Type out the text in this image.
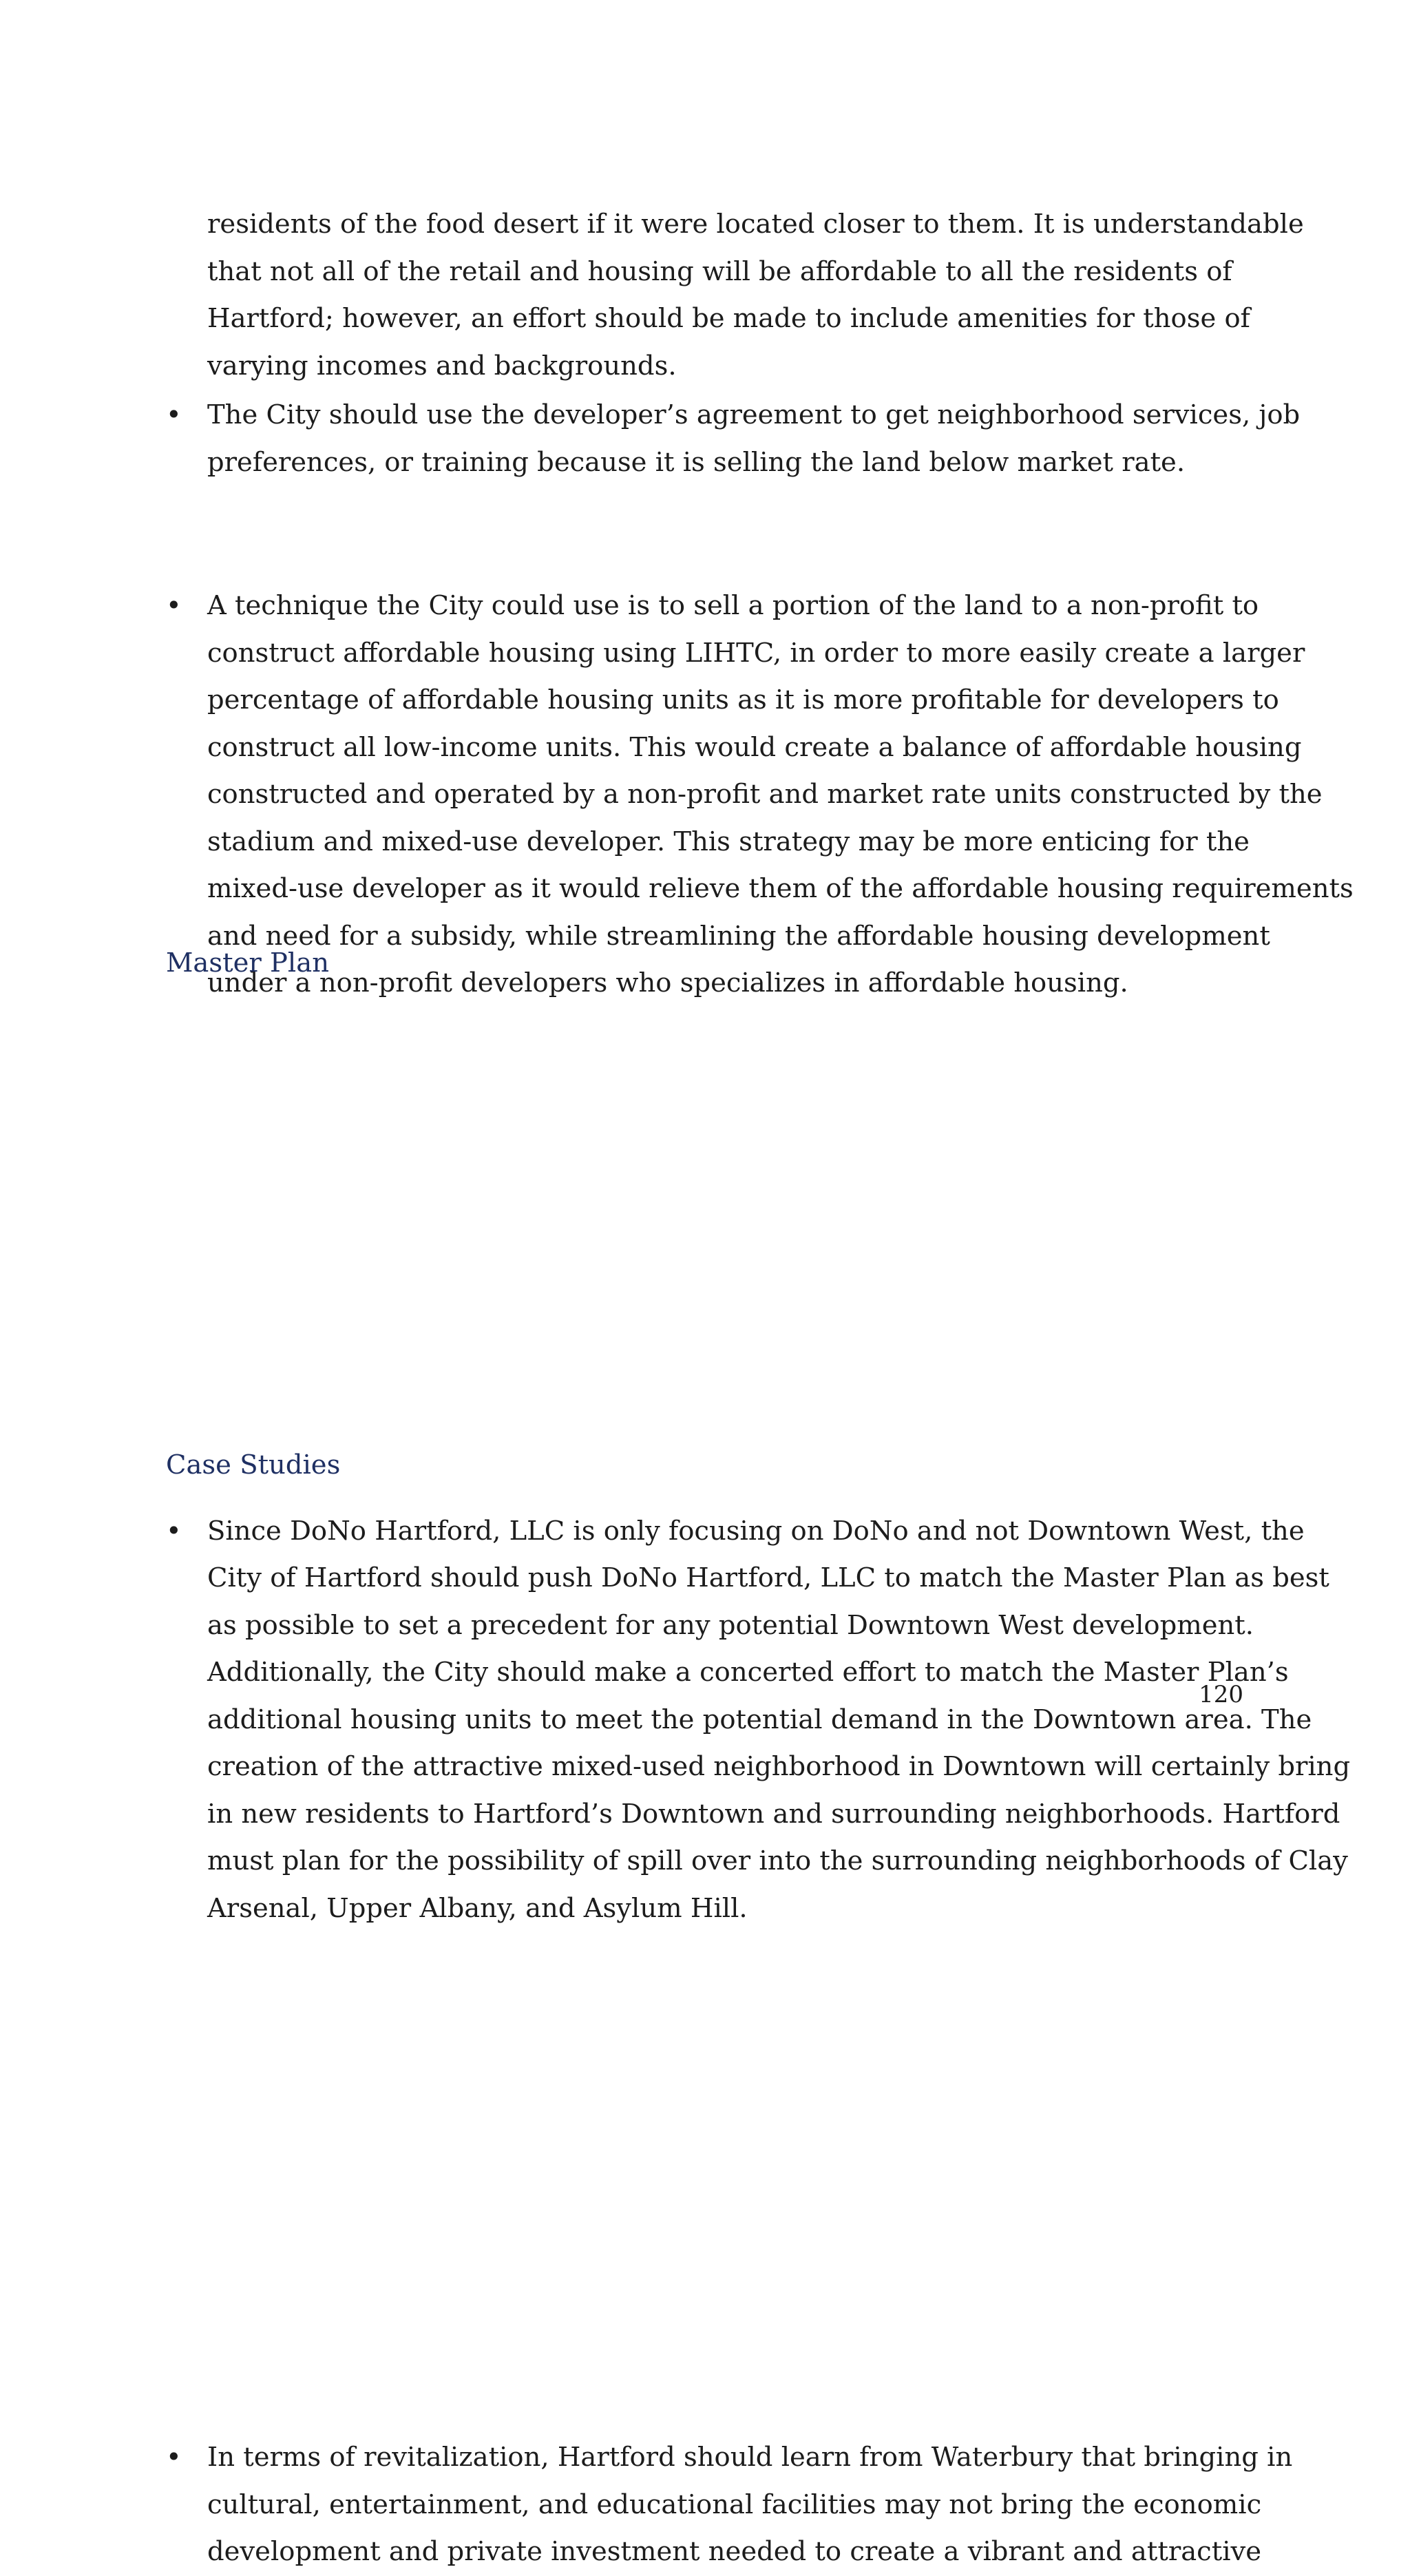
residents of the food desert if it were located closer to them. It is understandable
that not all of the retail and housing will be affordable to all the residents of
Hartford; however, an effort should be made to include amenities for those of
varying incomes and backgrounds.
• The City should use the developer’s agreement to get neighborhood services, job
preferences, or training because it is selling the land below market rate.
• A technique the City could use is to sell a portion of the land to a non-profit to
construct affordable housing using LIHTC, in order to more easily create a larger
percentage of affordable housing units as it is more profitable for developers to
construct all low-income units. This would create a balance of affordable housing
constructed and operated by a non-profit and market rate units constructed by the
stadium and mixed-use developer. This strategy may be more enticing for the
mixed-use developer as it would relieve them of the affordable housing requirements
and need for a subsidy, while streamlining the affordable housing development
under a non-profit developers who specializes in affordable housing.
Master Plan
• Since DoNo Hartford, LLC is only focusing on DoNo and not Downtown West, the
City of Hartford should push DoNo Hartford, LLC to match the Master Plan as best
as possible to set a precedent for any potential Downtown West development.
Additionally, the City should make a concerted effort to match the Master Plan’s
additional housing units to meet the potential demand in the Downtown area. The
creation of the attractive mixed-used neighborhood in Downtown will certainly bring
in new residents to Hartford’s Downtown and surrounding neighborhoods. Hartford
must plan for the possibility of spill over into the surrounding neighborhoods of Clay
Arsenal, Upper Albany, and Asylum Hill.
Case Studies
• In terms of revitalization, Hartford should learn from Waterbury that bringing in
cultural, entertainment, and educational facilities may not bring the economic
development and private investment needed to create a vibrant and attractive
120
